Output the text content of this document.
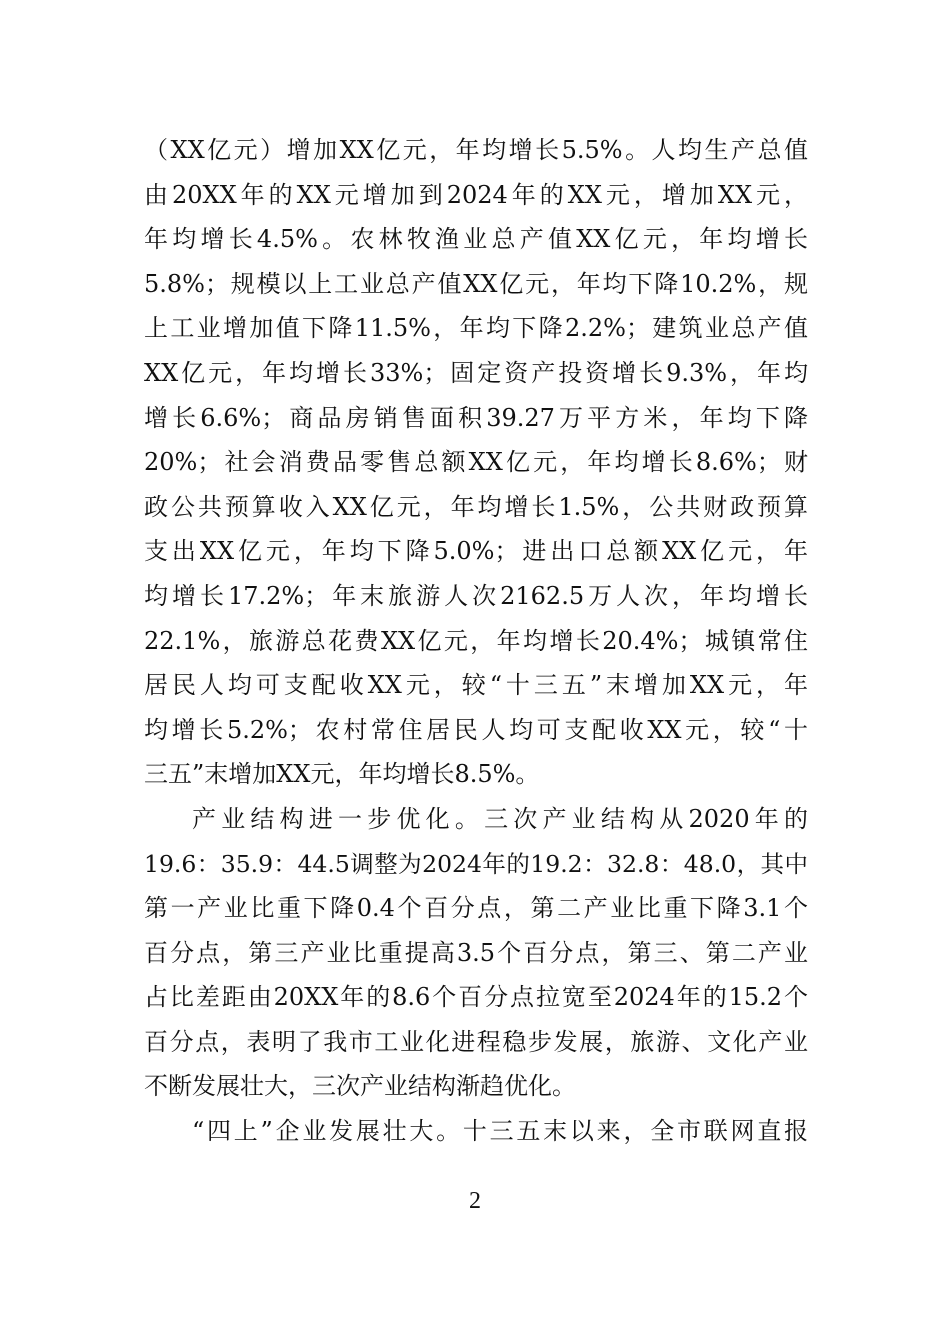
（XX亿元）增加XX亿元，年均增长5.5%。人均生产总值
由20XX年的XX元增加到2024年的XX元，增加XX元，
年均增长4.5%。农林牧渔业总产值XX亿元，年均增长
5.8%；规模以上工业总产值XX亿元，年均下降10.2%，规
上工业增加值下降11.5%，年均下降2.2%；建筑业总产值
XX亿元，年均增长33%；固定资产投资增长9.3%，年均
增长6.6%；商品房销售面积39.27万平方米，年均下降
20%；社会消费品零售总额XX亿元，年均增长8.6%；财
政公共预算收入XX亿元，年均增长1.5%，公共财政预算
支出XX亿元，年均下降5.0%；进出口总额XX亿元，年
均增长17.2%；年末旅游人次2162.5万人次，年均增长
22.1%，旅游总花费XX亿元，年均增长20.4%；城镇常住
居民人均可支配收XX元，较“十三五”末增加XX元，年
均增长5.2%；农村常住居民人均可支配收XX元，较“十
三五”末增加XX元，年均增长8.5%。
产业结构进一步优化。三次产业结构从2020年的
19.6：35.9：44.5调整为2024年的19.2：32.8：48.0，其中
第一产业比重下降0.4个百分点，第二产业比重下降3.1个
百分点，第三产业比重提高3.5个百分点，第三、第二产业
占比差距由20XX年的8.6个百分点拉宽至2024年的15.2个
百分点，表明了我市工业化进程稳步发展，旅游、文化产业
不断发展壮大，三次产业结构渐趋优化。
“四上”企业发展壮大。十三五末以来，全市联网直报
2
